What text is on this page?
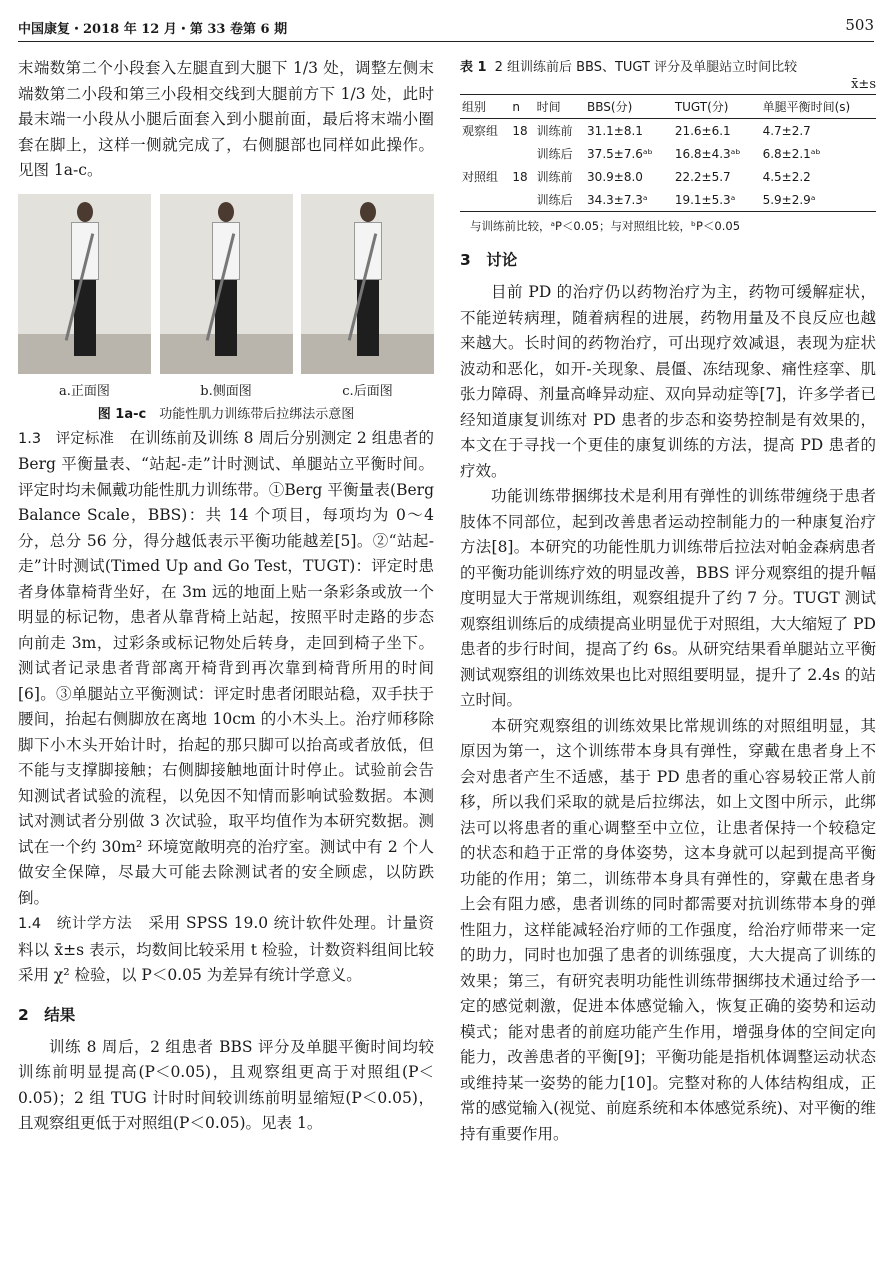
中国康复・2018 年 12 月・第 33 卷第 6 期	503

末端数第二个小段套入左腿直到大腿下 1/3 处，调整左侧末端数第二小段和第三小段相交线到大腿前方下 1/3 处，此时最末端一小段从小腿后面套入到小腿前面，最后将末端小圈套在脚上，这样一侧就完成了，右侧腿部也同样如此操作。见图 1a-c。

a.正面图	b.侧面图	c.后面图
图 1a-c　 功能性肌力训练带后拉绑法示意图

1.3　评定标准　 在训练前及训练 8 周后分别测定 2 组患者的 Berg 平衡量表、“站起-走”计时测试、单腿站立平衡时间。评定时均未佩戴功能性肌力训练带。①Berg 平衡量表(Berg Balance Scale，BBS)：共 14 个项目，每项均为 0～4 分，总分 56 分，得分越低表示平衡功能越差[5]。②“站起-走”计时测试(Timed Up and Go Test，TUGT)：评定时患者身体靠椅背坐好，在 3m 远的地面上贴一条彩条或放一个明显的标记物，患者从靠背椅上站起，按照平时走路的步态向前走 3m，过彩条或标记物处后转身，走回到椅子坐下。测试者记录患者背部离开椅背到再次靠到椅背所用的时间[6]。③单腿站立平衡测试：评定时患者闭眼站稳，双手扶于腰间，抬起右侧脚放在离地 10cm 的小木头上。治疗师移除脚下小木头开始计时，抬起的那只脚可以抬高或者放低，但不能与支撑脚接触；右侧脚接触地面计时停止。试验前会告知测试者试验的流程，以免因不知情而影响试验数据。本测试对测试者分别做 3 次试验，取平均值作为本研究数据。测试在一个约 30m² 环境宽敞明亮的治疗室。测试中有 2 个人做安全保障，尽最大可能去除测试者的安全顾虑，以防跌倒。

1.4　统计学方法　 采用 SPSS 19.0 统计软件处理。计量资料以 x̄±s 表示，均数间比较采用 t 检验，计数资料组间比较采用 χ² 检验，以 P＜0.05 为差异有统计学意义。

2　结果

训练 8 周后，2 组患者 BBS 评分及单腿平衡时间均较训练前明显提高(P＜0.05)，且观察组更高于对照组(P＜0.05)；2 组 TUG 计时时间较训练前明显缩短(P＜0.05)，且观察组更低于对照组(P＜0.05)。见表 1。

表 1 2 组训练前后 BBS、TUGT 评分及单腿站立时间比较
x̄±s
组别	n	时间	BBS(分)	TUGT(分)	单腿平衡时间(s)
观察组	18	训练前	31.1±8.1	21.6±6.1	4.7±2.7
		训练后	37.5±7.6ᵃᵇ	16.8±4.3ᵃᵇ	6.8±2.1ᵃᵇ
对照组	18	训练前	30.9±8.0	22.2±5.7	4.5±2.2
		训练后	34.3±7.3ᵃ	19.1±5.3ᵃ	5.9±2.9ᵃ
与训练前比较，ᵃP＜0.05；与对照组比较，ᵇP＜0.05
3　讨论

目前 PD 的治疗仍以药物治疗为主，药物可缓解症状，不能逆转病理，随着病程的进展，药物用量及不良反应也越来越大。长时间的药物治疗，可出现疗效减退，表现为症状波动和恶化，如开-关现象、晨僵、冻结现象、痛性痉挛、肌张力障碍、剂量高峰异动症、双向异动症等[7]，许多学者已经知道康复训练对 PD 患者的步态和姿势控制是有效果的，本文在于寻找一个更佳的康复训练的方法，提高 PD 患者的疗效。

功能训练带捆绑技术是利用有弹性的训练带缠绕于患者肢体不同部位，起到改善患者运动控制能力的一种康复治疗方法[8]。本研究的功能性肌力训练带后拉法对帕金森病患者的平衡功能训练疗效的明显改善，BBS 评分观察组的提升幅度明显大于常规训练组，观察组提升了约 7 分。TUGT 测试观察组训练后的成绩提高业明显优于对照组，大大缩短了 PD 患者的步行时间，提高了约 6s。从研究结果看单腿站立平衡测试观察组的训练效果也比对照组要明显，提升了 2.4s 的站立时间。

本研究观察组的训练效果比常规训练的对照组明显，其原因为第一，这个训练带本身具有弹性，穿戴在患者身上不会对患者产生不适感，基于 PD 患者的重心容易较正常人前移，所以我们采取的就是后拉绑法，如上文图中所示，此绑法可以将患者的重心调整至中立位，让患者保持一个较稳定的状态和趋于正常的身体姿势，这本身就可以起到提高平衡功能的作用；第二，训练带本身具有弹性的，穿戴在患者身上会有阻力感，患者训练的同时都需要对抗训练带本身的弹性阻力，这样能减轻治疗师的工作强度，给治疗师带来一定的助力，同时也加强了患者的训练强度，大大提高了训练的效果；第三，有研究表明功能性训练带捆绑技术通过给予一定的感觉刺激，促进本体感觉输入，恢复正确的姿势和运动模式；能对患者的前庭功能产生作用，增强身体的空间定向能力，改善患者的平衡[9]；平衡功能是指机体调整运动状态或维持某一姿势的能力[10]。完整对称的人体结构组成，正常的感觉输入(视觉、前庭系统和本体感觉系统)、对平衡的维持有重要作用。
